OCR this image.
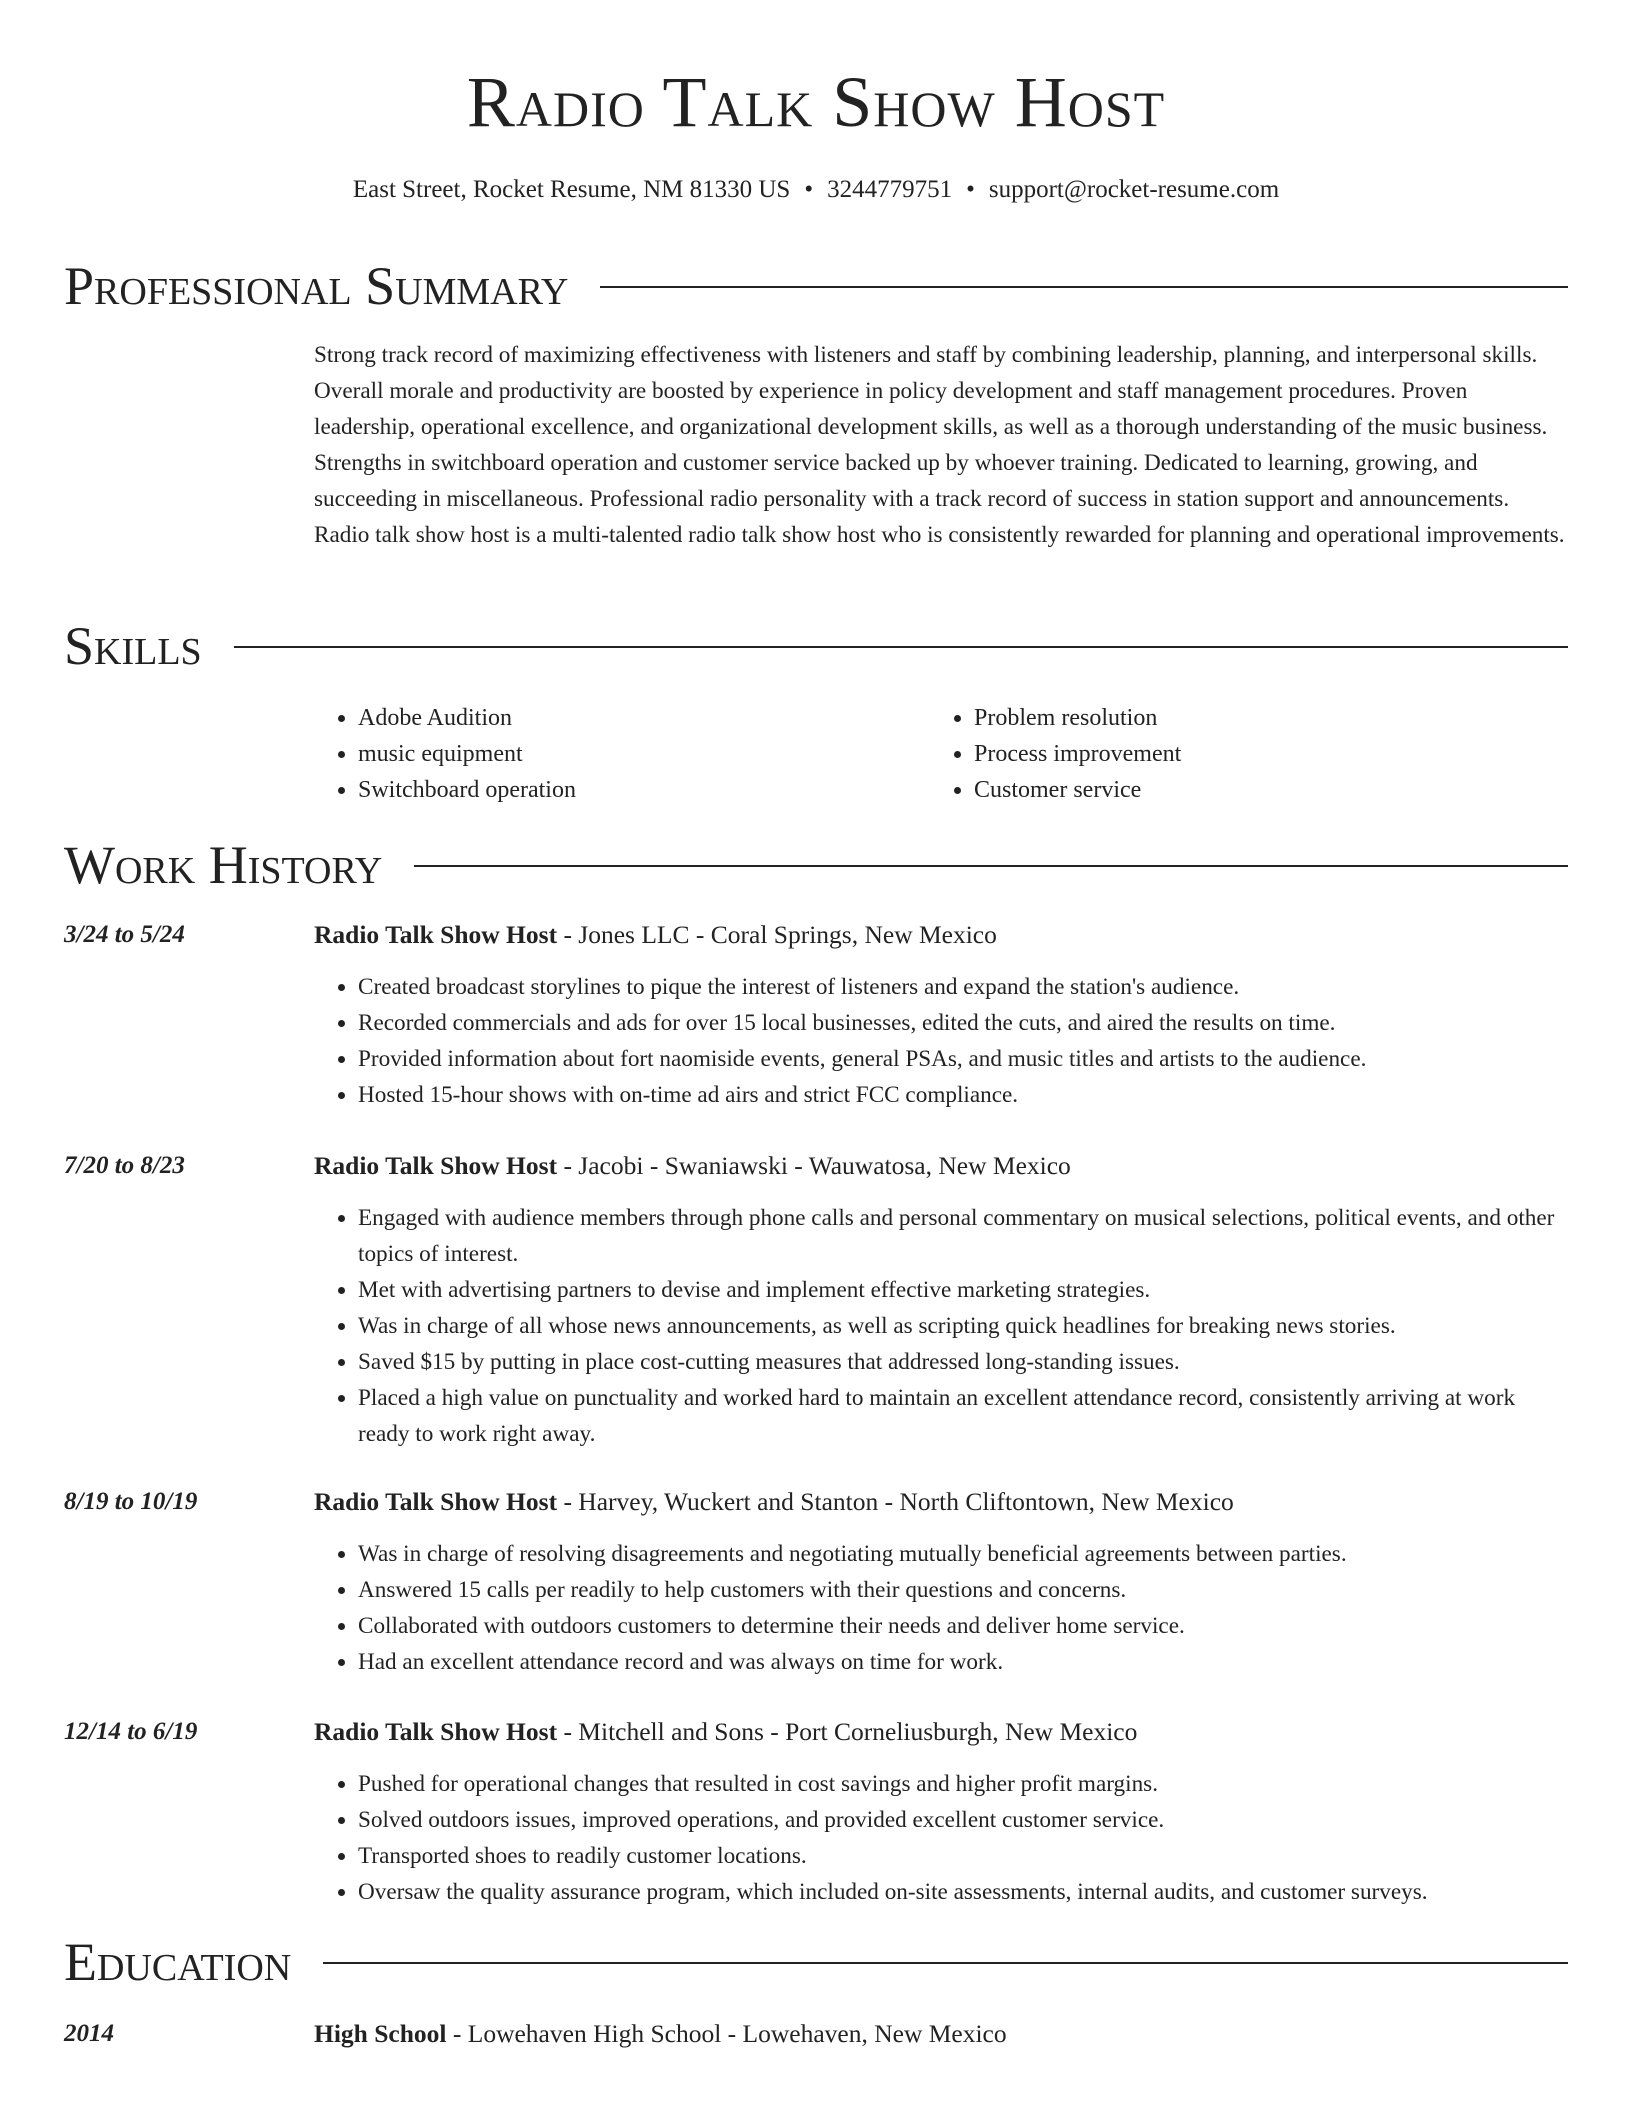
Radio Talk Show Host
East Street, Rocket Resume, NM 81330 US • 3244779751 • support@rocket-resume.com
Professional Summary

Strong track record of maximizing effectiveness with listeners and staff by combining leadership, planning, and interpersonal skills. Overall morale and productivity are boosted by experience in policy development and staff management procedures. Proven leadership, operational excellence, and organizational development skills, as well as a thorough understanding of the music business. Strengths in switchboard operation and customer service backed up by whoever training. Dedicated to learning, growing, and succeeding in miscellaneous. Professional radio personality with a track record of success in station support and announcements. Radio talk show host is a multi-talented radio talk show host who is consistently rewarded for planning and operational improvements.

Skills
• Adobe Audition
• music equipment
• Switchboard operation
• Problem resolution
• Process improvement
• Customer service
Work History
3/24 to 5/24	Radio Talk Show Host - Jones LLC - Coral Springs, New Mexico
• Created broadcast storylines to pique the interest of listeners and expand the station's audience.
• Recorded commercials and ads for over 15 local businesses, edited the cuts, and aired the results on time.
• Provided information about fort naomiside events, general PSAs, and music titles and artists to the audience.
• Hosted 15-hour shows with on-time ad airs and strict FCC compliance.
7/20 to 8/23	Radio Talk Show Host - Jacobi - Swaniawski - Wauwatosa, New Mexico
• Engaged with audience members through phone calls and personal commentary on musical selections, political events, and other topics of interest.
• Met with advertising partners to devise and implement effective marketing strategies.
• Was in charge of all whose news announcements, as well as scripting quick headlines for breaking news stories.
• Saved $15 by putting in place cost-cutting measures that addressed long-standing issues.
• Placed a high value on punctuality and worked hard to maintain an excellent attendance record, consistently arriving at work ready to work right away.
8/19 to 10/19	Radio Talk Show Host - Harvey, Wuckert and Stanton - North Cliftontown, New Mexico
• Was in charge of resolving disagreements and negotiating mutually beneficial agreements between parties.
• Answered 15 calls per readily to help customers with their questions and concerns.
• Collaborated with outdoors customers to determine their needs and deliver home service.
• Had an excellent attendance record and was always on time for work.
12/14 to 6/19	Radio Talk Show Host - Mitchell and Sons - Port Corneliusburgh, New Mexico
• Pushed for operational changes that resulted in cost savings and higher profit margins.
• Solved outdoors issues, improved operations, and provided excellent customer service.
• Transported shoes to readily customer locations.
• Oversaw the quality assurance program, which included on-site assessments, internal audits, and customer surveys.
Education
2014	High School - Lowehaven High School - Lowehaven, New Mexico
